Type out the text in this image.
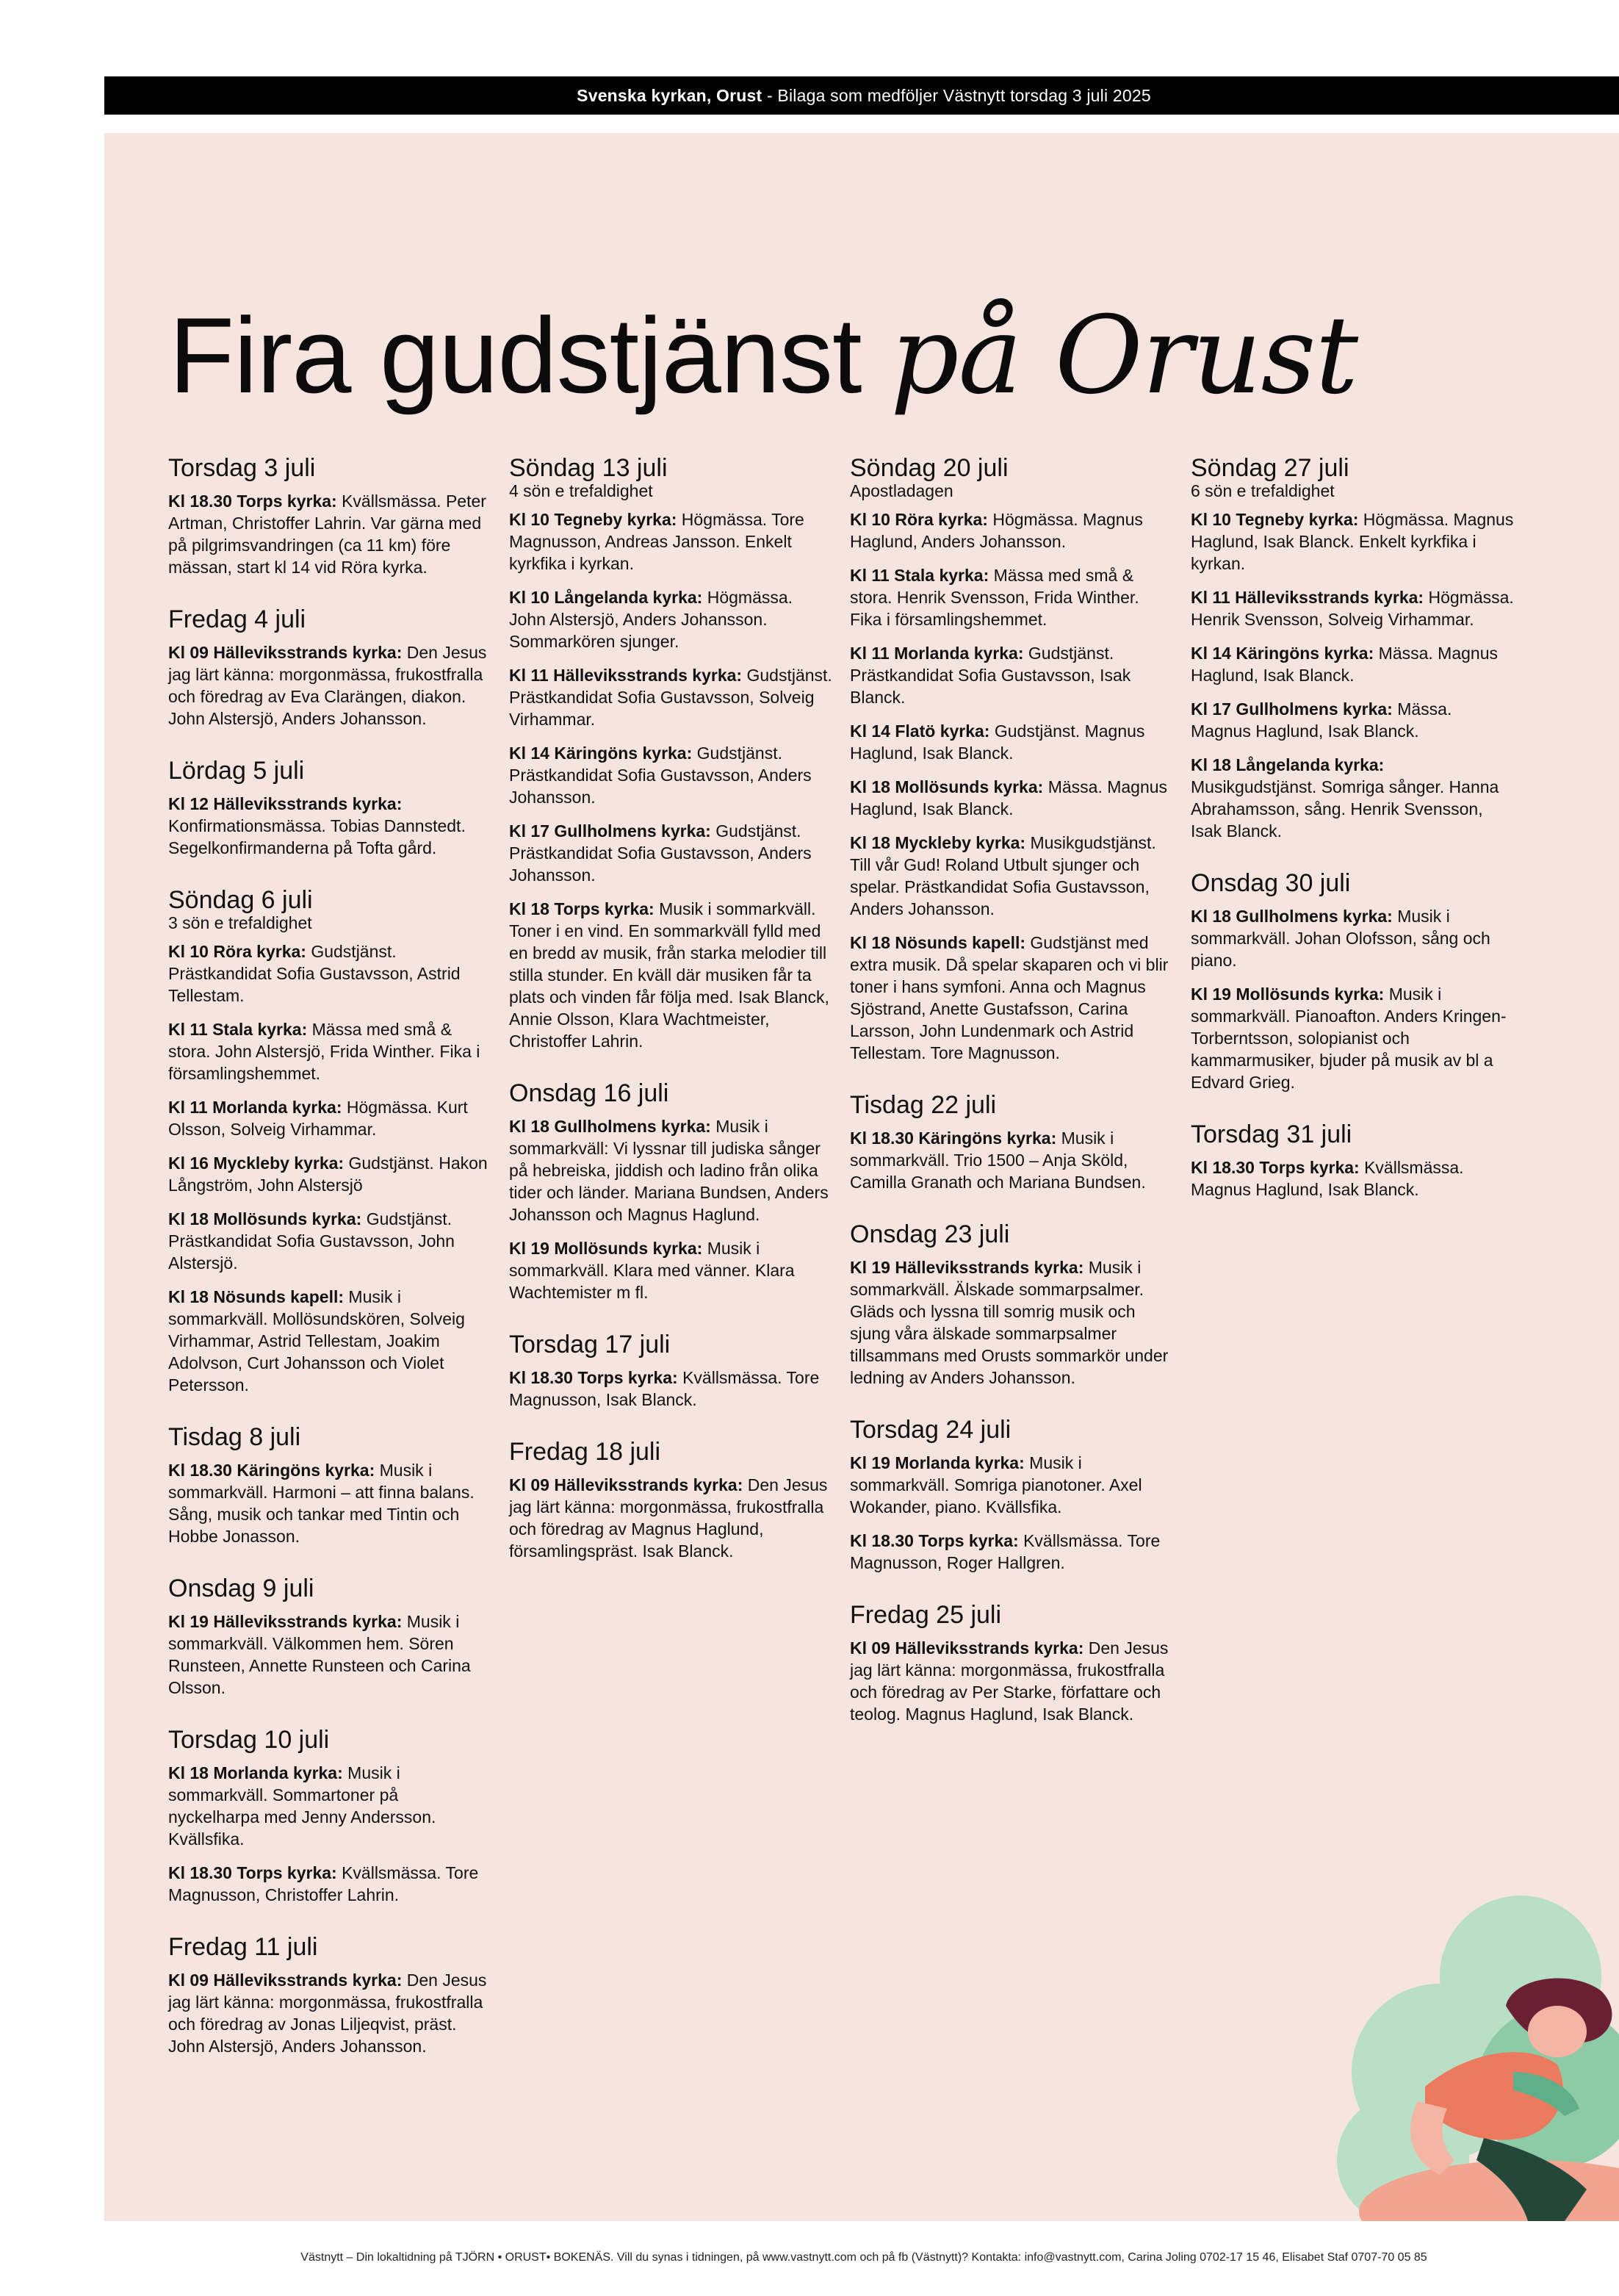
Svenska kyrkan, Orust - Bilaga som medföljer Västnytt torsdag 3 juli 2025
Fira gudstjänst på Orust
Torsdag 3 juli
Kl 18.30 Torps kyrka: Kvällsmässa. Peter Artman, Christoffer Lahrin. Var gärna med på pilgrimsvandringen (ca 11 km) före mässan, start kl 14 vid Röra kyrka.
Fredag 4 juli
Kl 09 Hälleviksstrands kyrka: Den Jesus jag lärt känna: morgonmässa, frukostfralla och föredrag av Eva Clarängen, diakon. John Alstersjö, Anders Johansson.
Lördag 5 juli
Kl 12 Hälleviksstrands kyrka: Konfirmationsmässa. Tobias Dannstedt. Segelkonfirmanderna på Tofta gård.
Söndag 6 juli
3 sön e trefaldighet
Kl 10 Röra kyrka: Gudstjänst. Prästkandidat Sofia Gustavsson, Astrid Tellestam.
Kl 11 Stala kyrka: Mässa med små & stora. John Alstersjö, Frida Winther. Fika i församlingshemmet.
Kl 11 Morlanda kyrka: Högmässa. Kurt Olsson, Solveig Virhammar.
Kl 16 Myckleby kyrka: Gudstjänst. Hakon Långström, John Alstersjö
Kl 18 Mollösunds kyrka: Gudstjänst. Prästkandidat Sofia Gustavsson, John Alstersjö.
Kl 18 Nösunds kapell: Musik i sommarkväll. Mollösundskören, Solveig Virhammar, Astrid Tellestam, Joakim Adolvson, Curt Johansson och Violet Petersson.
Tisdag 8 juli
Kl 18.30 Käringöns kyrka: Musik i sommarkväll. Harmoni – att finna balans. Sång, musik och tankar med Tintin och Hobbe Jonasson.
Onsdag 9 juli
Kl 19 Hälleviksstrands kyrka: Musik i sommarkväll. Välkommen hem. Sören Runsteen, Annette Runsteen och Carina Olsson.
Torsdag 10 juli
Kl 18 Morlanda kyrka: Musik i sommarkväll. Sommartoner på nyckelharpa med Jenny Andersson. Kvällsfika.
Kl 18.30 Torps kyrka: Kvällsmässa. Tore Magnusson, Christoffer Lahrin.
Fredag 11 juli
Kl 09 Hälleviksstrands kyrka: Den Jesus jag lärt känna: morgonmässa, frukostfralla och föredrag av Jonas Liljeqvist, präst. John Alstersjö, Anders Johansson.
Söndag 13 juli
4 sön e trefaldighet
Kl 10 Tegneby kyrka: Högmässa. Tore Magnusson, Andreas Jansson. Enkelt kyrkfika i kyrkan.
Kl 10 Långelanda kyrka: Högmässa. John Alstersjö, Anders Johansson. Sommarkören sjunger.
Kl 11 Hälleviksstrands kyrka: Gudstjänst. Prästkandidat Sofia Gustavsson, Solveig Virhammar.
Kl 14 Käringöns kyrka: Gudstjänst. Prästkandidat Sofia Gustavsson, Anders Johansson.
Kl 17 Gullholmens kyrka: Gudstjänst. Prästkandidat Sofia Gustavsson, Anders Johansson.
Kl 18 Torps kyrka: Musik i sommarkväll. Toner i en vind. En sommarkväll fylld med en bredd av musik, från starka melodier till stilla stunder. En kväll där musiken får ta plats och vinden får följa med. Isak Blanck, Annie Olsson, Klara Wachtmeister, Christoffer Lahrin.
Onsdag 16 juli
Kl 18 Gullholmens kyrka: Musik i sommarkväll: Vi lyssnar till judiska sånger på hebreiska, jiddish och ladino från olika tider och länder. Mariana Bundsen, Anders Johansson och Magnus Haglund.
Kl 19 Mollösunds kyrka: Musik i sommarkväll. Klara med vänner. Klara Wachtemister m fl.
Torsdag 17 juli
Kl 18.30 Torps kyrka: Kvällsmässa. Tore Magnusson, Isak Blanck.
Fredag 18 juli
Kl 09 Hälleviksstrands kyrka: Den Jesus jag lärt känna: morgonmässa, frukostfralla och föredrag av Magnus Haglund, församlingspräst. Isak Blanck.
Söndag 20 juli
Apostladagen
Kl 10 Röra kyrka: Högmässa. Magnus Haglund, Anders Johansson.
Kl 11 Stala kyrka: Mässa med små & stora. Henrik Svensson, Frida Winther. Fika i församlingshemmet.
Kl 11 Morlanda kyrka: Gudstjänst. Prästkandidat Sofia Gustavsson, Isak Blanck.
Kl 14 Flatö kyrka: Gudstjänst. Magnus Haglund, Isak Blanck.
Kl 18 Mollösunds kyrka: Mässa. Magnus Haglund, Isak Blanck.
Kl 18 Myckleby kyrka: Musikgudstjänst. Till vår Gud! Roland Utbult sjunger och spelar. Prästkandidat Sofia Gustavsson, Anders Johansson.
Kl 18 Nösunds kapell: Gudstjänst med extra musik. Då spelar skaparen och vi blir toner i hans symfoni. Anna och Magnus Sjöstrand, Anette Gustafsson, Carina Larsson, John Lundenmark och Astrid Tellestam. Tore Magnusson.
Tisdag 22 juli
Kl 18.30 Käringöns kyrka: Musik i sommarkväll. Trio 1500 – Anja Sköld, Camilla Granath och Mariana Bundsen.
Onsdag 23 juli
Kl 19 Hälleviksstrands kyrka: Musik i sommarkväll. Älskade sommarpsalmer. Gläds och lyssna till somrig musik och sjung våra älskade sommarpsalmer tillsammans med Orusts sommarkör under ledning av Anders Johansson.
Torsdag 24 juli
Kl 19 Morlanda kyrka: Musik i sommarkväll. Somriga pianotoner. Axel Wokander, piano. Kvällsfika.
Kl 18.30 Torps kyrka: Kvällsmässa. Tore Magnusson, Roger Hallgren.
Fredag 25 juli
Kl 09 Hälleviksstrands kyrka: Den Jesus jag lärt känna: morgonmässa, frukostfralla och föredrag av Per Starke, författare och teolog. Magnus Haglund, Isak Blanck.
Söndag 27 juli
6 sön e trefaldighet
Kl 10 Tegneby kyrka: Högmässa. Magnus Haglund, Isak Blanck. Enkelt kyrkfika i kyrkan.
Kl 11 Hälleviksstrands kyrka: Högmässa. Henrik Svensson, Solveig Virhammar.
Kl 14 Käringöns kyrka: Mässa. Magnus Haglund, Isak Blanck.
Kl 17 Gullholmens kyrka: Mässa. Magnus Haglund, Isak Blanck.
Kl 18 Långelanda kyrka: Musikgudstjänst. Somriga sånger. Hanna Abrahamsson, sång. Henrik Svensson, Isak Blanck.
Onsdag 30 juli
Kl 18 Gullholmens kyrka: Musik i sommarkväll. Johan Olofsson, sång och piano.
Kl 19 Mollösunds kyrka: Musik i sommarkväll. Pianoafton. Anders Kringen-Torberntsson, solopianist och kammarmusiker, bjuder på musik av bl a Edvard Grieg.
Torsdag 31 juli
Kl 18.30 Torps kyrka: Kvällsmässa. Magnus Haglund, Isak Blanck.
Västnytt – Din lokaltidning på TJÖRN • ORUST• BOKENÄS. Vill du synas i tidningen, på www.vastnytt.com och på fb (Västnytt)? Kontakta: info@vastnytt.com, Carina Joling 0702-17 15 46, Elisabet Staf 0707-70 05 85
